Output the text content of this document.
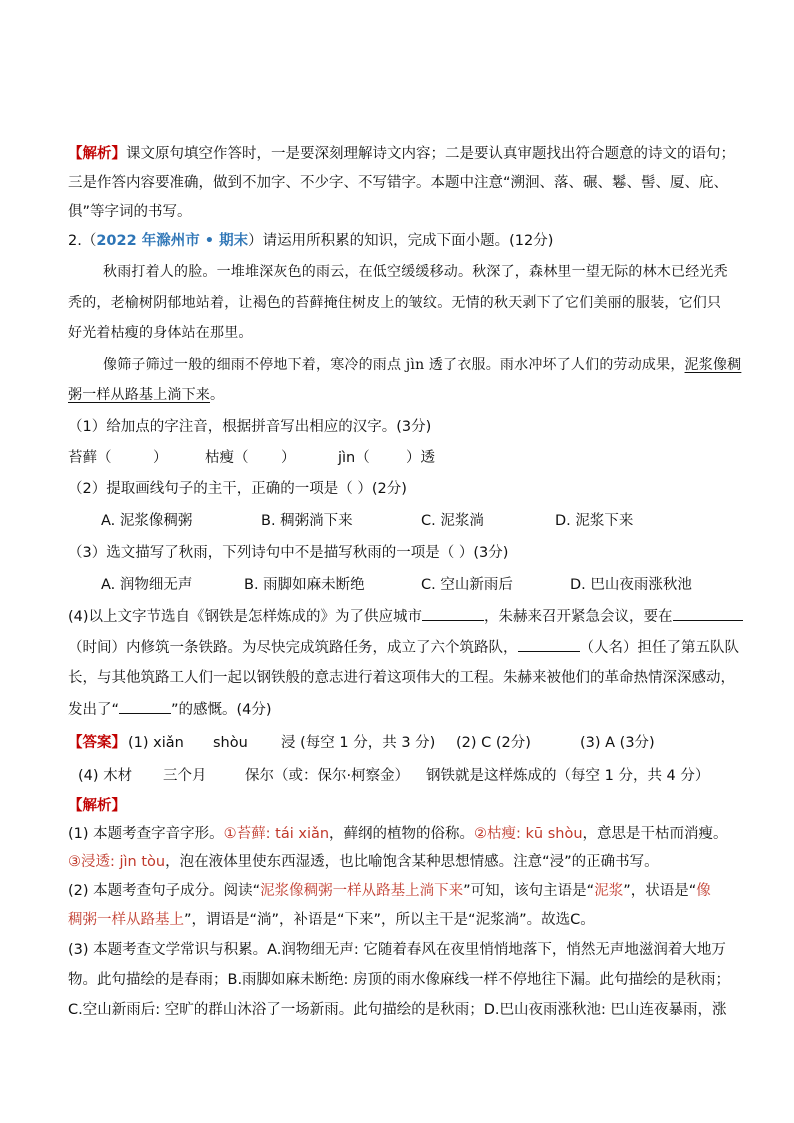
【解析】课文原句填空作答时，一是要深刻理解诗文内容；二是要认真审题找出符合题意的诗文的语句；
三是作答内容要准确，做到不加字、不少字、不写错字。本题中注意“溯洄、落、碾、鬈、髻、厦、庇、
俱”等字词的书写。
2.（2022 年滁州市 • 期末）请运用所积累的知识，完成下面小题。(12分)
秋雨打着人的脸。一堆堆深灰色的雨云，在低空缓缓移动。秋深了，森林里一望无际的林木已经光秃
秃的，老榆树阴郁地站着，让褐色的苔藓掩住树皮上的皱纹。无情的秋天剥下了它们美丽的服装，它们只
好光着枯瘦的身体站在那里。
像筛子筛过一般的细雨不停地下着，寒冷的雨点 jìn 透了衣服。雨水冲坏了人们的劳动成果，泥浆像稠
粥一样从路基上淌下来。
（1）给加点的字注音，根据拼音写出相应的汉字。(3分)
苔藓（	）	枯瘦（ ）	jìn（	）透
（2）提取画线句子的主干，正确的一项是（ ）(2分)
A. 泥浆像稠粥	B. 稠粥淌下来	C. 泥浆淌	D. 泥浆下来
（3）选文描写了秋雨，下列诗句中不是描写秋雨的一项是（ ）(3分)
A. 润物细无声	B. 雨脚如麻未断绝	C. 空山新雨后	D. 巴山夜雨涨秋池
(4)以上文字节选自《钢铁是怎样炼成的》为了供应城市	，朱赫来召开紧急会议，要在
（时间）内修筑一条铁路。为尽快完成筑路任务，成立了六个筑路队，	（人名）担任了第五队队
长，与其他筑路工人们一起以钢铁般的意志进行着这项伟大的工程。朱赫来被他们的革命热情深深感动，
发出了“	”的感慨。(4分)
【答案】 (1) xiǎn shòu 浸 (每空 1 分，共 3 分) (2) C (2分)	(3) A (3分)
(4) 木材 三个月	保尔（或：保尔·柯察金） 钢铁就是这样炼成的（每空 1 分，共 4 分）
【解析】
(1) 本题考查字音字形。①苔藓: tái xiǎn，藓纲的植物的俗称。②枯瘦: kū shòu，意思是干枯而消瘦。
③浸透: jìn tòu，泡在液体里使东西湿透，也比喻饱含某种思想情感。注意“浸”的正确书写。
(2) 本题考查句子成分。阅读“泥浆像稠粥一样从路基上淌下来”可知，该句主语是“泥浆”，状语是“像
稠粥一样从路基上”，谓语是“淌”，补语是“下来”，所以主干是“泥浆淌”。故选C。
(3) 本题考查文学常识与积累。A.润物细无声: 它随着春风在夜里悄悄地落下，悄然无声地滋润着大地万
物。此句描绘的是春雨；B.雨脚如麻未断绝: 房顶的雨水像麻线一样不停地往下漏。此句描绘的是秋雨；
C.空山新雨后: 空旷的群山沐浴了一场新雨。此句描绘的是秋雨；D.巴山夜雨涨秋池: 巴山连夜暴雨，涨
